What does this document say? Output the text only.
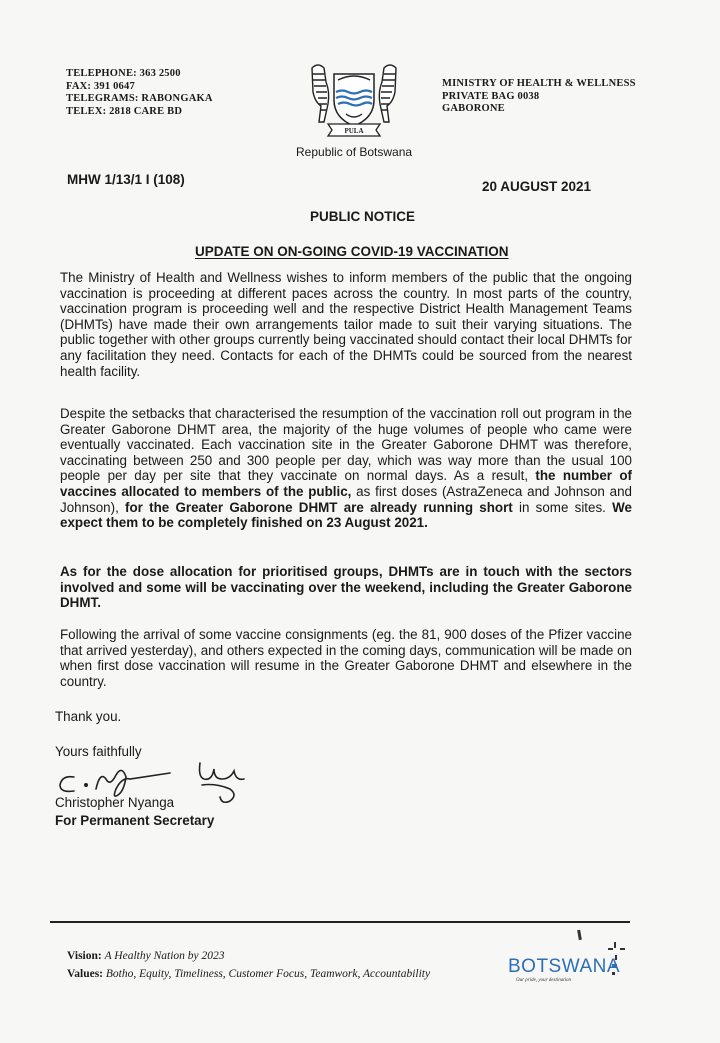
TELEPHONE: 363 2500
FAX: 391 0647
TELEGRAMS: RABONGAKA
TELEX: 2818 CARE BD
PULA
Republic of Botswana
MINISTRY OF HEALTH & WELLNESS
PRIVATE BAG 0038
GABORONE
MHW 1/13/1 I (108)	20 AUGUST 2021
PUBLIC NOTICE
UPDATE ON ON-GOING COVID-19 VACCINATION

The Ministry of Health and Wellness wishes to inform members of the public that the ongoing vaccination is proceeding at different paces across the country. In most parts of the country, vaccination program is proceeding well and the respective District Health Management Teams (DHMTs) have made their own arrangements tailor made to suit their varying situations. The public together with other groups currently being vaccinated should contact their local DHMTs for any facilitation they need. Contacts for each of the DHMTs could be sourced from the nearest health facility.

Despite the setbacks that characterised the resumption of the vaccination roll out program in the Greater Gaborone DHMT area, the majority of the huge volumes of people who came were eventually vaccinated. Each vaccination site in the Greater Gaborone DHMT was therefore, vaccinating between 250 and 300 people per day, which was way more than the usual 100 people per day per site that they vaccinate on normal days. As a result, the number of vaccines allocated to members of the public, as first doses (AstraZeneca and Johnson and Johnson), for the Greater Gaborone DHMT are already running short in some sites. We expect them to be completely finished on 23 August 2021.

As for the dose allocation for prioritised groups, DHMTs are in touch with the sectors involved and some will be vaccinating over the weekend, including the Greater Gaborone DHMT.

Following the arrival of some vaccine consignments (eg. the 81, 900 doses of the Pfizer vaccine that arrived yesterday), and others expected in the coming days, communication will be made on when first dose vaccination will resume in the Greater Gaborone DHMT and elsewhere in the country.

Thank you.
Yours faithfully
Christopher Nyanga
For Permanent Secretary
Vision: A Healthy Nation by 2023
Values: Botho, Equity, Timeliness, Customer Focus, Teamwork, Accountability	BOTSWANA
Our pride, your destination
